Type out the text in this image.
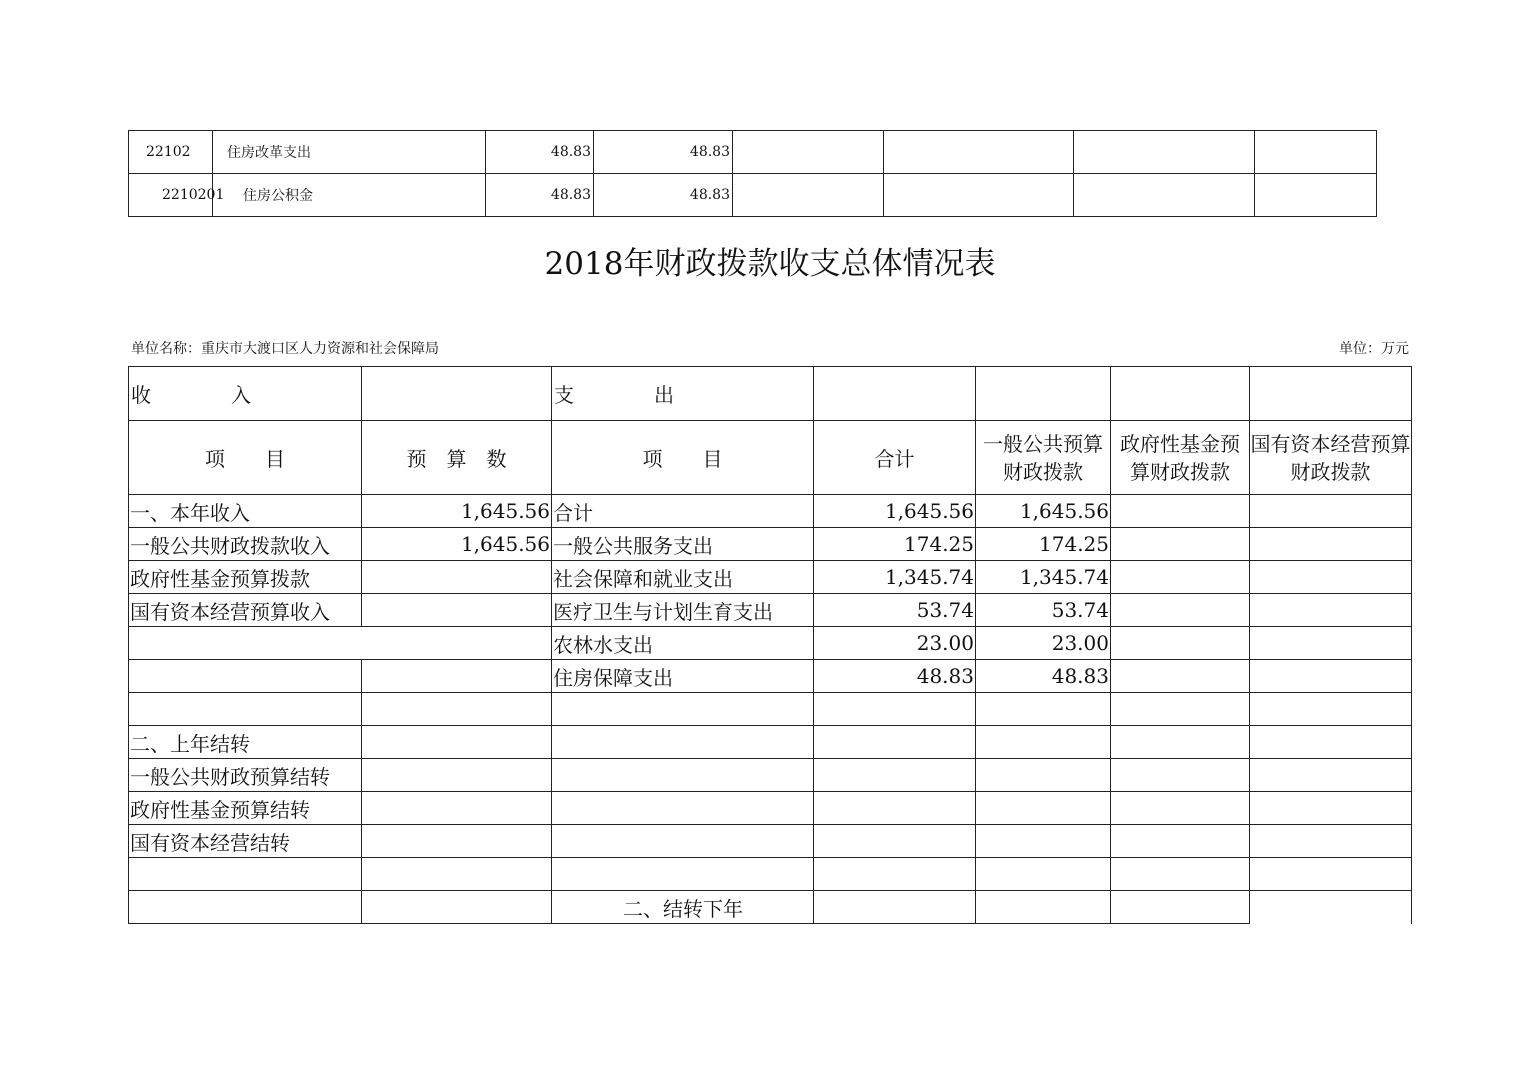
22102	住房改革支出	48.83	48.83				
2210201	住房公积金	48.83	48.83				
2018年财政拨款收支总体情况表
单位名称：重庆市大渡口区人力资源和社会保障局	单位：万元
收　　　　入		支　　　　出				
项　　目	预　算　数	项　　目	合计	一般公共预算财政拨款	政府性基金预算财政拨款	国有资本经营预算财政拨款
一、本年收入	1,645.56	合计	1,645.56	1,645.56		
一般公共财政拨款收入	1,645.56	一般公共服务支出	174.25	174.25		
政府性基金预算拨款		社会保障和就业支出	1,345.74	1,345.74		
国有资本经营预算收入		医疗卫生与计划生育支出	53.74	53.74		
		农林水支出	23.00	23.00		
		住房保障支出	48.83	48.83		

二、上年结转						
一般公共财政预算结转						
政府性基金预算结转						
国有资本经营结转						

		二、结转下年				
